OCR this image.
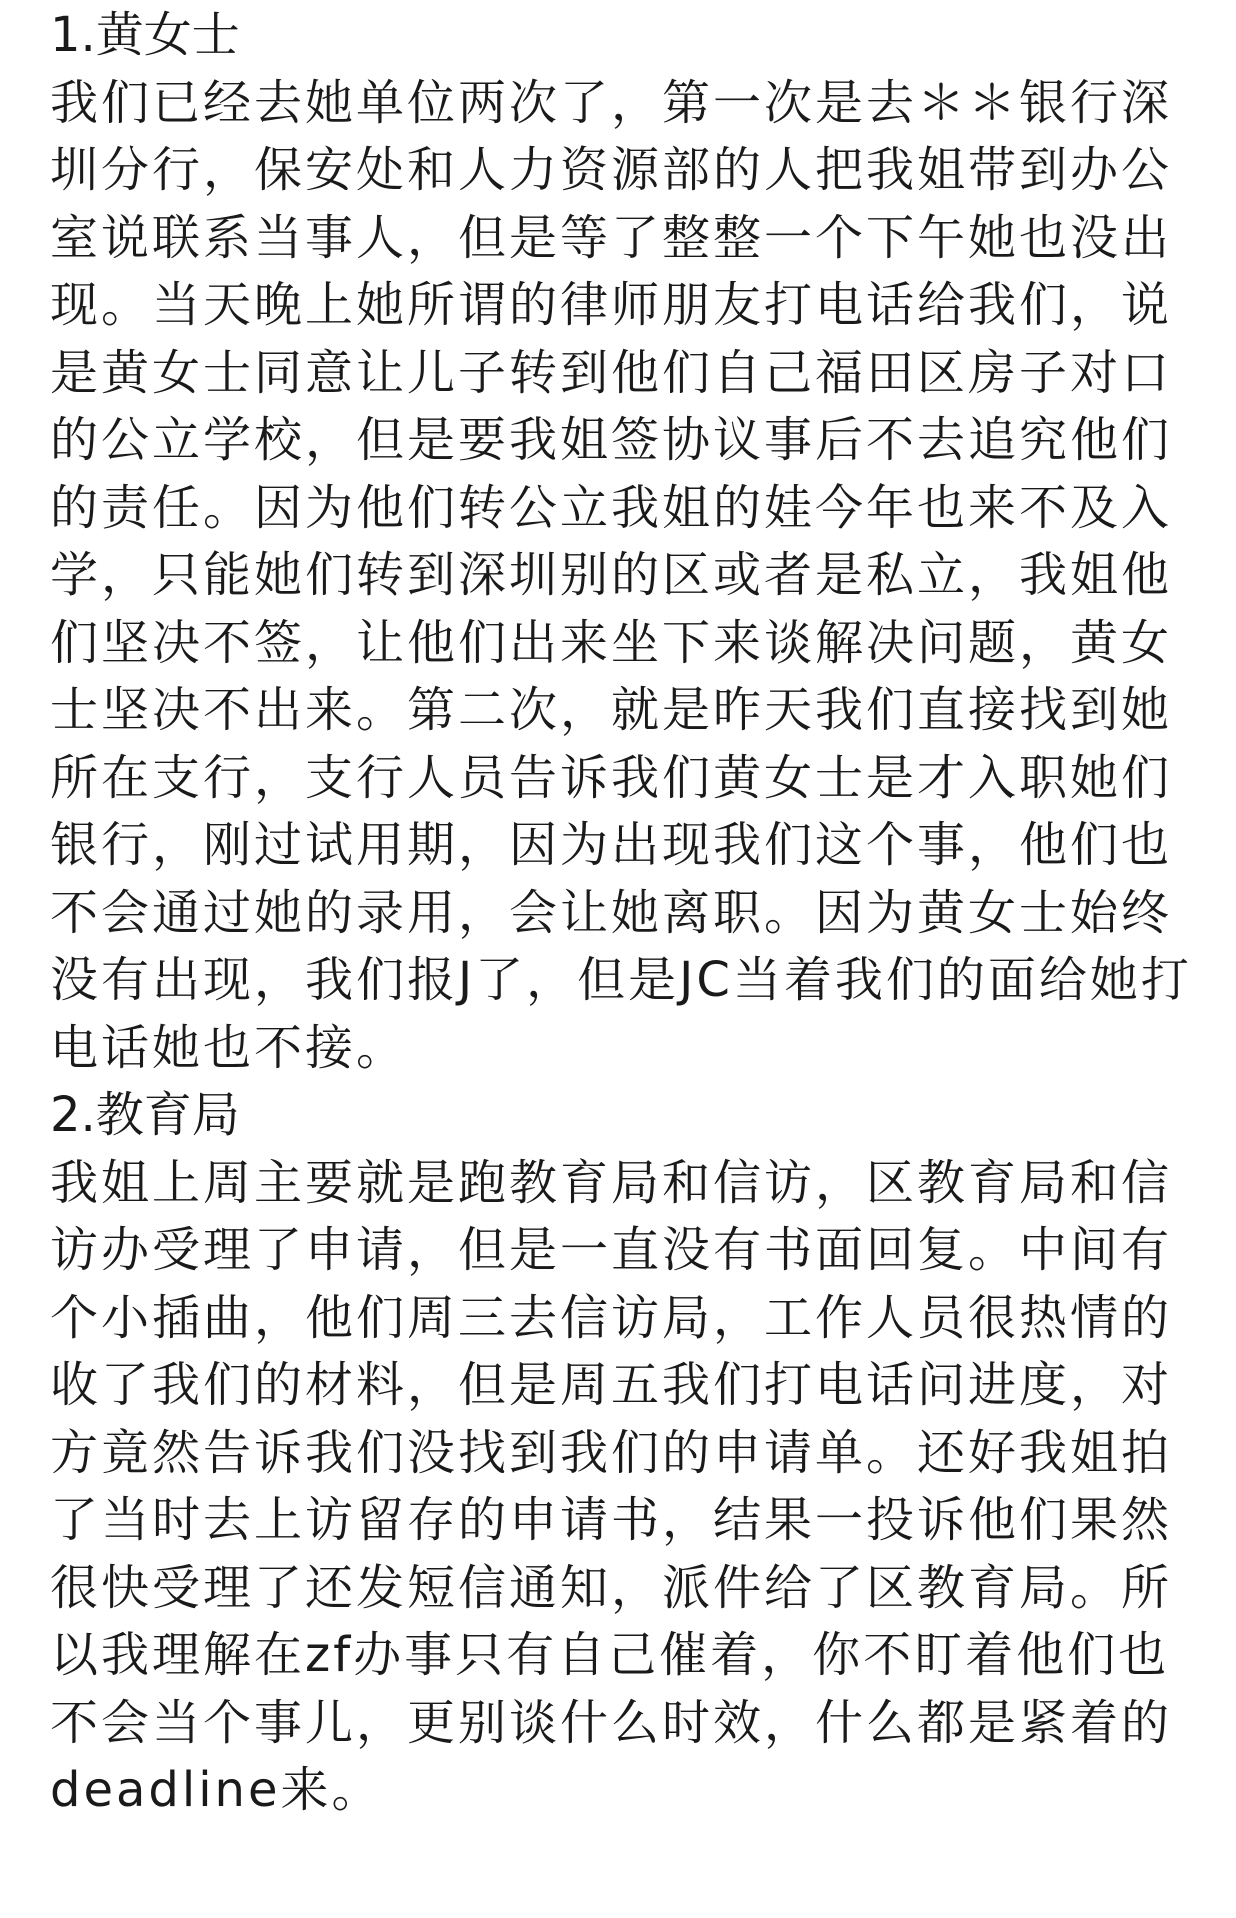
1.黄女士
我们已经去她单位两次了，第一次是去＊＊银行深
圳分行，保安处和人力资源部的人把我姐带到办公
室说联系当事人，但是等了整整一个下午她也没出
现。当天晚上她所谓的律师朋友打电话给我们，说
是黄女士同意让儿子转到他们自己福田区房子对口
的公立学校，但是要我姐签协议事后不去追究他们
的责任。因为他们转公立我姐的娃今年也来不及入
学，只能她们转到深圳别的区或者是私立，我姐他
们坚决不签，让他们出来坐下来谈解决问题，黄女
士坚决不出来。第二次，就是昨天我们直接找到她
所在支行，支行人员告诉我们黄女士是才入职她们
银行，刚过试用期，因为出现我们这个事，他们也
不会通过她的录用，会让她离职。因为黄女士始终
没有出现，我们报J了，但是JC当着我们的面给她打
电话她也不接。
2.教育局
我姐上周主要就是跑教育局和信访，区教育局和信
访办受理了申请，但是一直没有书面回复。中间有
个小插曲，他们周三去信访局，工作人员很热情的
收了我们的材料，但是周五我们打电话问进度，对
方竟然告诉我们没找到我们的申请单。还好我姐拍
了当时去上访留存的申请书，结果一投诉他们果然
很快受理了还发短信通知，派件给了区教育局。所
以我理解在zf办事只有自己催着，你不盯着他们也
不会当个事儿，更别谈什么时效，什么都是紧着的
deadline来。
